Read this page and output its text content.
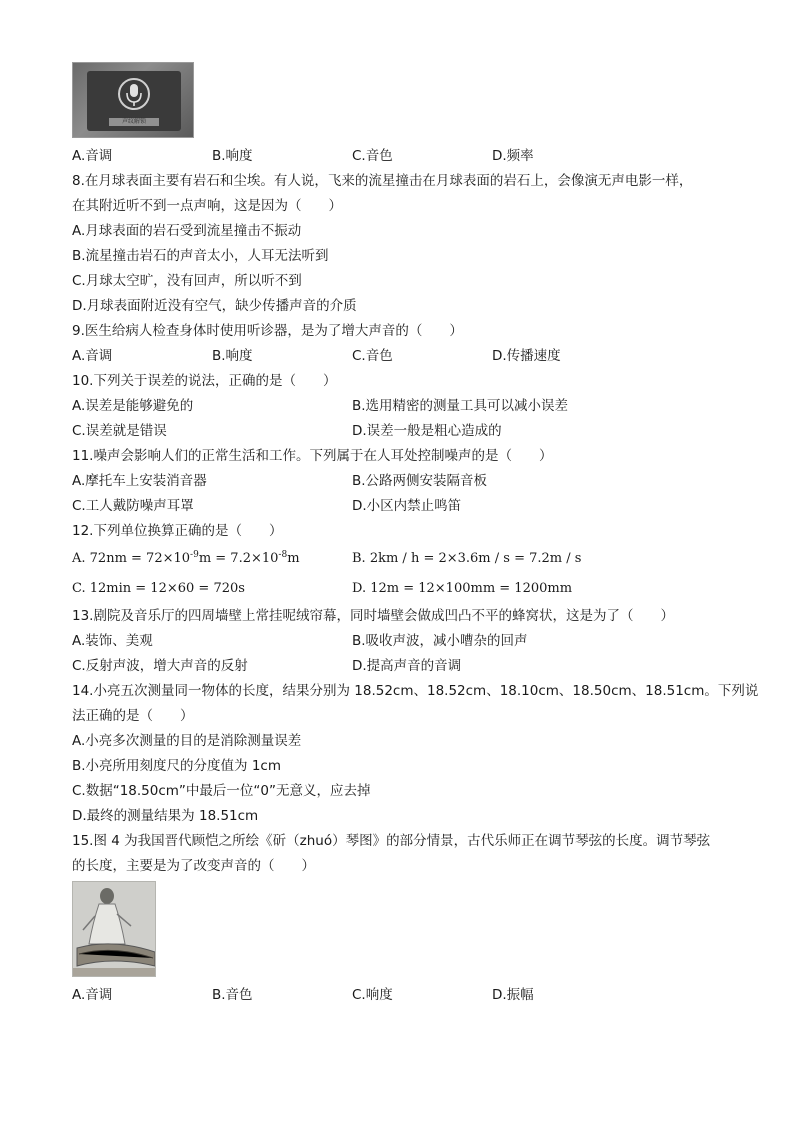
声纹解锁
A.音调	B.响度	C.音色	D.频率
8.在月球表面主要有岩石和尘埃。有人说，飞来的流星撞击在月球表面的岩石上，会像演无声电影一样，
在其附近听不到一点声响，这是因为（　　）
A.月球表面的岩石受到流星撞击不振动
B.流星撞击岩石的声音太小，人耳无法听到
C.月球太空旷，没有回声，所以听不到
D.月球表面附近没有空气，缺少传播声音的介质
9.医生给病人检查身体时使用听诊器，是为了增大声音的（　　）
A.音调	B.响度	C.音色	D.传播速度
10.下列关于误差的说法，正确的是（　　）
A.误差是能够避免的	B.选用精密的测量工具可以减小误差
C.误差就是错误	D.误差一般是粗心造成的
11.噪声会影响人们的正常生活和工作。下列属于在人耳处控制噪声的是（　　）
A.摩托车上安装消音器	B.公路两侧安装隔音板
C.工人戴防噪声耳罩	D.小区内禁止鸣笛
12.下列单位换算正确的是（　　）
A. $72nm = 72\times 10^{-9}m = 7.2\times 10^{-8}m$	B. 2km / h = 2×3.6m / s = 7.2m / s
C. 12min = 12×60 = 720s	D. 12m = 12×100mm = 1200mm
13.剧院及音乐厅的四周墙壁上常挂呢绒帘幕，同时墙壁会做成凹凸不平的蜂窝状，这是为了（　　）
A.装饰、美观	B.吸收声波，减小嘈杂的回声
C.反射声波，增大声音的反射	D.提高声音的音调
14.小亮五次测量同一物体的长度，结果分别为 18.52cm、18.52cm、18.10cm、18.50cm、18.51cm。下列说
法正确的是（　　）
A.小亮多次测量的目的是消除测量误差
B.小亮所用刻度尺的分度值为 1cm
C.数据“18.50cm”中最后一位“0”无意义，应去掉
D.最终的测量结果为 18.51cm
15.图 4 为我国晋代顾恺之所绘《斫（zhuó）琴图》的部分情景，古代乐师正在调节琴弦的长度。调节琴弦
的长度，主要是为了改变声音的（　　）
A.音调	B.音色	C.响度	D.振幅
